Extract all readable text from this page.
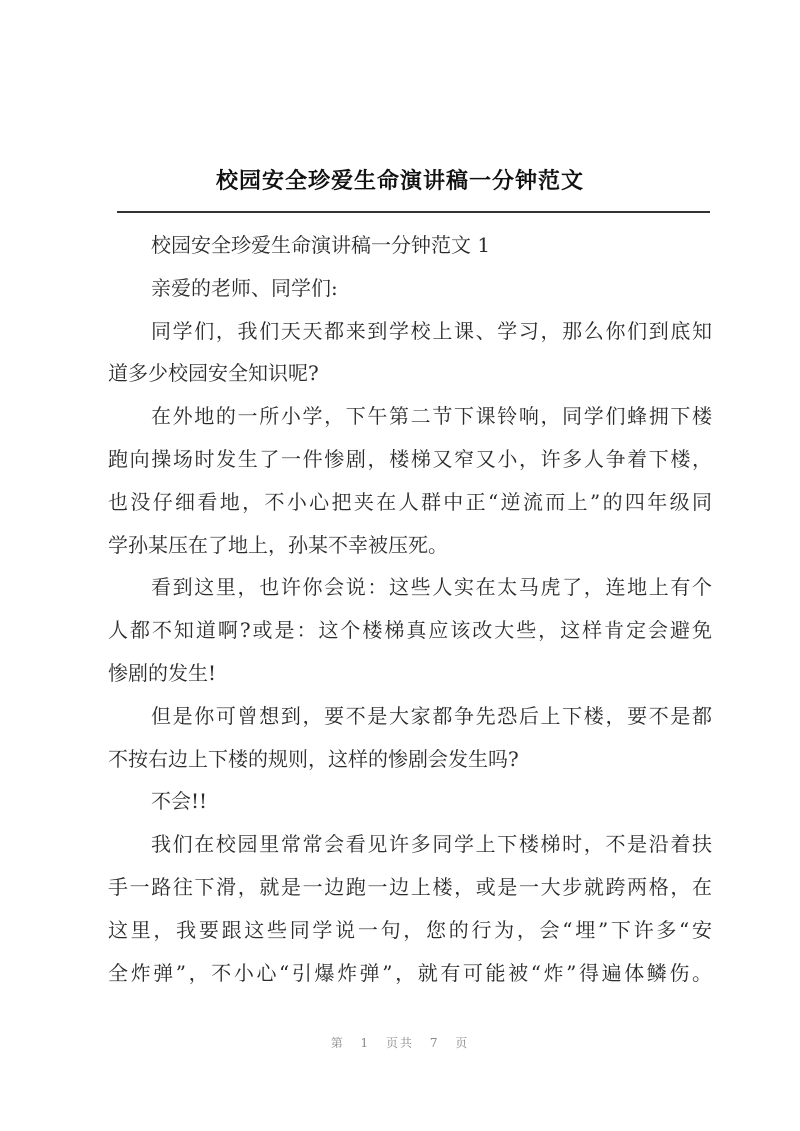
校园安全珍爱生命演讲稿一分钟范文
校园安全珍爱生命演讲稿一分钟范文 1
亲爱的老师、同学们:
同学们，我们天天都来到学校上课、学习，那么你们到底知
道多少校园安全知识呢?
在外地的一所小学，下午第二节下课铃响，同学们蜂拥下楼
跑向操场时发生了一件惨剧，楼梯又窄又小，许多人争着下楼，
也没仔细看地，不小心把夹在人群中正“逆流而上”的四年级同
学孙某压在了地上，孙某不幸被压死。
看到这里，也许你会说：这些人实在太马虎了，连地上有个
人都不知道啊?或是：这个楼梯真应该改大些，这样肯定会避免
惨剧的发生!
但是你可曾想到，要不是大家都争先恐后上下楼，要不是都
不按右边上下楼的规则，这样的惨剧会发生吗?
不会!!
我们在校园里常常会看见许多同学上下楼梯时，不是沿着扶
手一路往下滑，就是一边跑一边上楼，或是一大步就跨两格，在
这里，我要跟这些同学说一句，您的行为，会“埋”下许多“安
全炸弹”，不小心“引爆炸弹”，就有可能被“炸”得遍体鳞伤。
第 1 页共 7 页
